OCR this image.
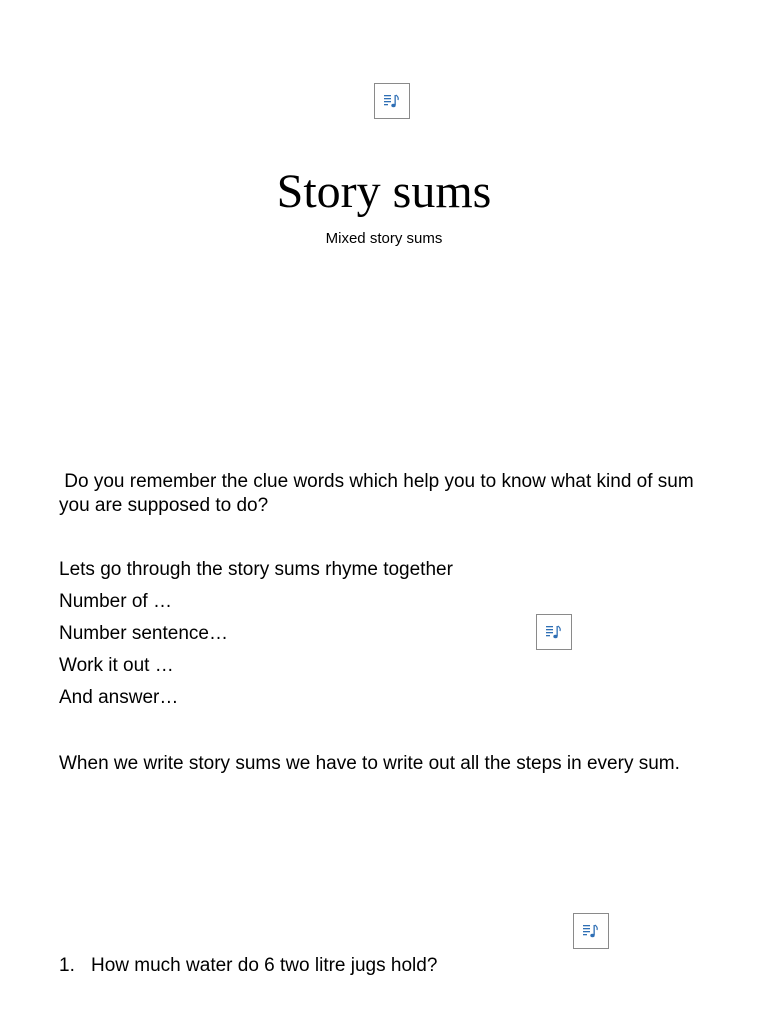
Story sums
Mixed story sums

Do you remember the clue words which help you to know what kind of sum you are supposed to do?

Lets go through the story sums rhyme together

Number of …

Number sentence…

Work it out …

And answer…

When we write story sums we have to write out all the steps in every sum.

1. How much water do 6 two litre jugs hold?
